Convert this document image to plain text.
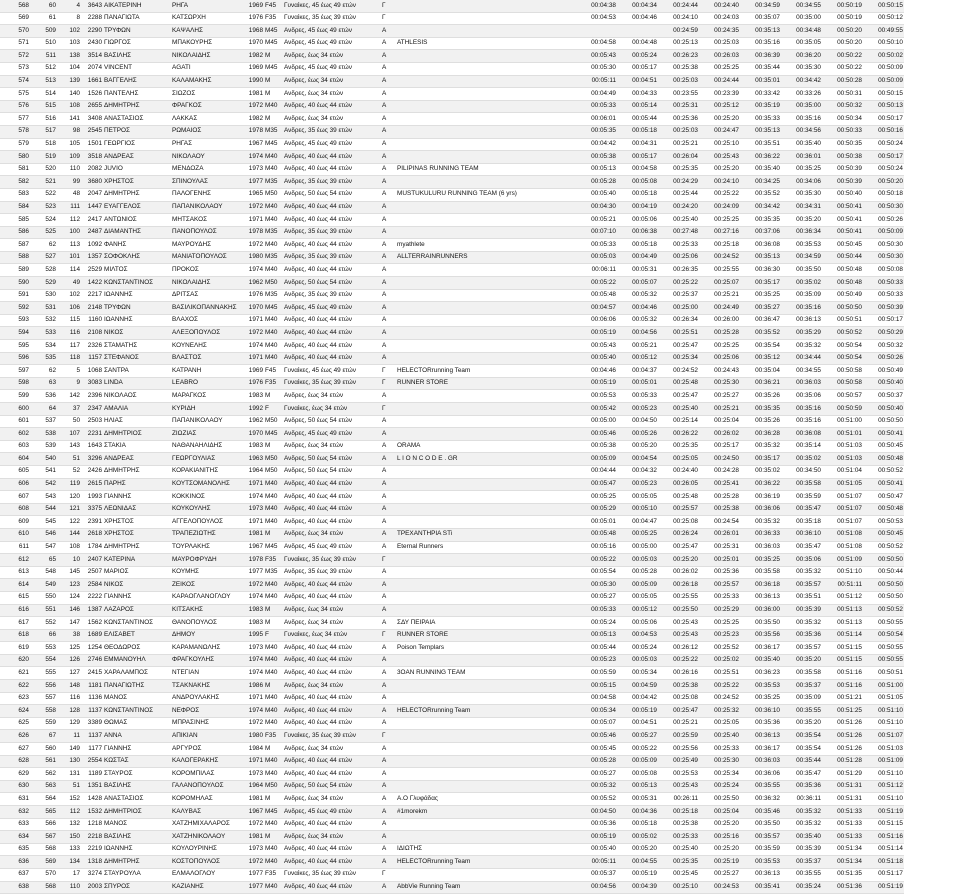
568	60	4	3643	ΑΙΚΑΤΕΡΙΝΗ	ΡΗΓΑ	1969	F45	Γυναίκες, 45 έως 49 ετών	Γ		00:04:38	00:04:34	00:24:44	00:24:40	00:34:59	00:34:55	00:50:19	00:50:15
569	61	8	2288	ΠΑΝΑΓΙΩΤΑ	ΚΑΤΣΩΡΧΗ	1976	F35	Γυναίκες, 35 έως 39 ετών	Γ		00:04:53	00:04:46	00:24:10	00:24:03	00:35:07	00:35:00	00:50:19	00:50:12
570	509	102	2290	ΤΡΥΦΩΝ	ΚΑΨΑΛΗΣ	1968	M45	Ανδρες, 45 έως 49 ετών	Α				00:24:59	00:24:35	00:35:13	00:34:48	00:50:20	00:49:55
571	510	103	2430	ΓΙΩΡΓΟΣ	ΜΠΑΚΟΥΡΗΣ	1970	M45	Ανδρες, 45 έως 49 ετών	Α	ATHLESIS	00:04:58	00:04:48	00:25:13	00:25:03	00:35:16	00:35:05	00:50:20	00:50:10
572	511	138	3514	ΒΑΣΙΛΗΣ	ΝΙΚΟΛΑΙΔΗΣ	1982	M	Ανδρες, έως 34 ετών	Α		00:05:43	00:05:24	00:26:23	00:26:03	00:36:39	00:36:20	00:50:22	00:50:02
573	512	104	2074	VINCENT	AGATI	1969	M45	Ανδρες, 45 έως 49 ετών	Α		00:05:30	00:05:17	00:25:38	00:25:25	00:35:44	00:35:30	00:50:22	00:50:09
574	513	139	1661	ΒΑΓΓΕΛΗΣ	ΚΑΛΑΜΑΚΗΣ	1990	M	Ανδρες, έως 34 ετών	Α		00:05:11	00:04:51	00:25:03	00:24:44	00:35:01	00:34:42	00:50:28	00:50:09
575	514	140	1526	ΠΑΝΤΕΛΗΣ	ΣΙΩΖΟΣ	1981	M	Ανδρες, έως 34 ετών	Α		00:04:49	00:04:33	00:23:55	00:23:39	00:33:42	00:33:26	00:50:31	00:50:15
576	515	108	2655	ΔΗΜΗΤΡΗΣ	ΦΡΑΓΚΟΣ	1972	M40	Ανδρες, 40 έως 44 ετών	Α		00:05:33	00:05:14	00:25:31	00:25:12	00:35:19	00:35:00	00:50:32	00:50:13
577	516	141	3408	ΑΝΑΣΤΑΣΙΟΣ	ΛΑΚΚΑΣ	1982	M	Ανδρες, έως 34 ετών	Α		00:06:01	00:05:44	00:25:36	00:25:20	00:35:33	00:35:16	00:50:34	00:50:17
578	517	98	2545	ΠΕΤΡΟΣ	ΡΩΜΑΙΟΣ	1978	M35	Ανδρες, 35 έως 39 ετών	Α		00:05:35	00:05:18	00:25:03	00:24:47	00:35:13	00:34:56	00:50:33	00:50:16
579	518	105	1501	ΓΕΩΡΓΙΟΣ	ΡΗΓΑΣ	1967	M45	Ανδρες, 45 έως 49 ετών	Α		00:04:42	00:04:31	00:25:21	00:25:10	00:35:51	00:35:40	00:50:35	00:50:24
580	519	109	3518	ΑΝΔΡΕΑΣ	ΝΙΚΟΛΑΟΥ	1974	M40	Ανδρες, 40 έως 44 ετών	Α		00:05:38	00:05:17	00:26:04	00:25:43	00:36:22	00:36:01	00:50:38	00:50:17
581	520	110	2082	JUVIO	ΜΕΝΔΟΖΑ	1973	M40	Ανδρες, 40 έως 44 ετών	Α	PILIPINAS RUNNING TEAM	00:05:13	00:04:58	00:25:35	00:25:20	00:35:40	00:35:25	00:50:39	00:50:24
582	521	99	3680	ΧΡΗΣΤΟΣ	ΣΠΙΝΟΥΛΑΣ	1977	M35	Ανδρες, 35 έως 39 ετών	Α		00:05:28	00:05:08	00:24:29	00:24:10	00:34:25	00:34:06	00:50:39	00:50:20
583	522	48	2047	ΔΗΜΗΤΡΗΣ	ΠΑΛΟΓΕΝΗΣ	1965	M50	Ανδρες, 50 έως 54 ετών	Α	MUSTUKULURU RUNNING TEAM (6 yrs)	00:05:40	00:05:18	00:25:44	00:25:22	00:35:52	00:35:30	00:50:40	00:50:18
584	523	111	1447	ΕΥΑΓΓΕΛΟΣ	ΠΑΠΑΝΙΚΟΛΑΟΥ	1972	M40	Ανδρες, 40 έως 44 ετών	Α		00:04:30	00:04:19	00:24:20	00:24:09	00:34:42	00:34:31	00:50:41	00:50:30
585	524	112	2417	ΑΝΤΩΝΙΟΣ	ΜΗΤΣΑΚΟΣ	1971	M40	Ανδρες, 40 έως 44 ετών	Α		00:05:21	00:05:06	00:25:40	00:25:25	00:35:35	00:35:20	00:50:41	00:50:26
586	525	100	2487	ΔΙΑΜΑΝΤΗΣ	ΠΑΝΟΠΟΥΛΟΣ	1978	M35	Ανδρες, 35 έως 39 ετών	Α		00:07:10	00:06:38	00:27:48	00:27:16	00:37:06	00:36:34	00:50:41	00:50:09
587	62	113	1092	ΦΑΝΗΣ	ΜΑΥΡΟΥΔΗΣ	1972	M40	Ανδρες, 40 έως 44 ετών	Α	myathlete	00:05:33	00:05:18	00:25:33	00:25:18	00:36:08	00:35:53	00:50:45	00:50:30
588	527	101	1357	ΣΟΦΟΚΛΗΣ	ΜΑΝΙΑΤΟΠΟΥΛΟΣ	1980	M35	Ανδρες, 35 έως 39 ετών	Α	ALLTERRAINRUNNERS	00:05:03	00:04:49	00:25:06	00:24:52	00:35:13	00:34:59	00:50:44	00:50:30
589	528	114	2529	ΜΙΛΤΟΣ	ΠΡΟΚΟΣ	1974	M40	Ανδρες, 40 έως 44 ετών	Α		00:06:11	00:05:31	00:26:35	00:25:55	00:36:30	00:35:50	00:50:48	00:50:08
590	529	49	1422	ΚΩΝΣΤΑΝΤΙΝΟΣ	ΝΙΚΟΛΑΙΔΗΣ	1962	M50	Ανδρες, 50 έως 54 ετών	Α		00:05:22	00:05:07	00:25:22	00:25:07	00:35:17	00:35:02	00:50:48	00:50:33
591	530	102	2217	ΙΩΑΝΝΗΣ	ΔΡΙΤΣΑΣ	1976	M35	Ανδρες, 35 έως 39 ετών	Α		00:05:48	00:05:32	00:25:37	00:25:21	00:35:25	00:35:09	00:50:49	00:50:33
592	531	106	2148	ΤΡΥΦΩΝ	ΒΑΣΙΛΙΚΟΠΑΝΝΑΚΗΣ	1970	M45	Ανδρες, 45 έως 49 ετών	Α		00:04:57	00:04:46	00:25:00	00:24:49	00:35:27	00:35:16	00:50:50	00:50:39
593	532	115	1160	ΙΩΑΝΝΗΣ	ΒΛΑΧΟΣ	1971	M40	Ανδρες, 40 έως 44 ετών	Α		00:06:06	00:05:32	00:26:34	00:26:00	00:36:47	00:36:13	00:50:51	00:50:17
594	533	116	2108	ΝΙΚΟΣ	ΑΛΕΞΟΠΟΥΛΟΣ	1972	M40	Ανδρες, 40 έως 44 ετών	Α		00:05:19	00:04:56	00:25:51	00:25:28	00:35:52	00:35:29	00:50:52	00:50:29
595	534	117	2326	ΣΤΑΜΑΤΗΣ	ΚΟΥΝΕΛΗΣ	1974	M40	Ανδρες, 40 έως 44 ετών	Α		00:05:43	00:05:21	00:25:47	00:25:25	00:35:54	00:35:32	00:50:54	00:50:32
596	535	118	1157	ΣΤΕΦΑΝΟΣ	ΒΛΑΣΤΟΣ	1971	M40	Ανδρες, 40 έως 44 ετών	Α		00:05:40	00:05:12	00:25:34	00:25:06	00:35:12	00:34:44	00:50:54	00:50:26
597	62	5	1068	ΣΑΝΤΡΑ	ΚΑΤΡΑΝΗ	1969	F45	Γυναίκες, 45 έως 49 ετών	Γ	HELECTORrunning Team	00:04:46	00:04:37	00:24:52	00:24:43	00:35:04	00:34:55	00:50:58	00:50:49
598	63	9	3083	LINDA	LEABRO	1976	F35	Γυναίκες, 35 έως 39 ετών	Γ	RUNNER STORE	00:05:19	00:05:01	00:25:48	00:25:30	00:36:21	00:36:03	00:50:58	00:50:40
599	536	142	2396	ΝΙΚΟΛΑΟΣ	ΜΑΡΑΓΚΟΣ	1983	M	Ανδρες, έως 34 ετών	Α		00:05:53	00:05:33	00:25:47	00:25:27	00:35:26	00:35:06	00:50:57	00:50:37
600	64	37	2347	ΑΜΑΛΙΑ	ΚΥΡΙΔΗ	1992	F	Γυναίκες, έως 34 ετών	Γ		00:05:42	00:05:23	00:25:40	00:25:21	00:35:35	00:35:16	00:50:59	00:50:40
601	537	50	2503	ΗΛΙΑΣ	ΠΑΠΑΝΙΚΟΛΑΟΥ	1962	M50	Ανδρες, 50 έως 54 ετών	Α		00:05:00	00:04:50	00:25:14	00:25:04	00:35:26	00:35:16	00:51:00	00:50:50
602	538	107	2231	ΔΗΜΗΤΡΙΟΣ	ΖΙΩΖΙΑΣ	1970	M45	Ανδρες, 45 έως 49 ετών	Α		00:05:46	00:05:26	00:26:22	00:26:02	00:36:28	00:36:08	00:51:01	00:50:41
603	539	143	1643	ΣΤΑΚΙΑ	ΝΑΘΑΝΑΗΛΙΔΗΣ	1983	M	Ανδρες, έως 34 ετών	Α	ORAMA	00:05:38	00:05:20	00:25:35	00:25:17	00:35:32	00:35:14	00:51:03	00:50:45
604	540	51	3296	ΑΝΔΡΕΑΣ	ΓΕΩΡΓΟΥΛΙΑΣ	1963	M50	Ανδρες, 50 έως 54 ετών	Α	L I O N C O D E . GR	00:05:09	00:04:54	00:25:05	00:24:50	00:35:17	00:35:02	00:51:03	00:50:48
605	541	52	2426	ΔΗΜΗΤΡΗΣ	ΚΟΡΑΚΙΑΝΙΤΗΣ	1964	M50	Ανδρες, 50 έως 54 ετών	Α		00:04:44	00:04:32	00:24:40	00:24:28	00:35:02	00:34:50	00:51:04	00:50:52
606	542	119	2615	ΠΑΡΗΣ	ΚΟΥΤΣΟΜΑΝΟΛΗΣ	1971	M40	Ανδρες, 40 έως 44 ετών	Α		00:05:47	00:05:23	00:26:05	00:25:41	00:36:22	00:35:58	00:51:05	00:50:41
607	543	120	1993	ΓΙΑΝΝΗΣ	ΚΟΚΚΙΝΟΣ	1974	M40	Ανδρες, 40 έως 44 ετών	Α		00:05:25	00:05:05	00:25:48	00:25:28	00:36:19	00:35:59	00:51:07	00:50:47
608	544	121	3375	ΛΕΩΝΙΔΑΣ	ΚΟΥΚΟΥΛΗΣ	1973	M40	Ανδρες, 40 έως 44 ετών	Α		00:05:29	00:05:10	00:25:57	00:25:38	00:36:06	00:35:47	00:51:07	00:50:48
609	545	122	2391	ΧΡΗΣΤΟΣ	ΑΓΓΕΛΟΠΟΥΛΟΣ	1971	M40	Ανδρες, 40 έως 44 ετών	Α		00:05:01	00:04:47	00:25:08	00:24:54	00:35:32	00:35:18	00:51:07	00:50:53
610	546	144	2618	ΧΡΗΣΤΟΣ	ΤΡΑΠΕΖΙΩΤΗΣ	1981	M	Ανδρες, έως 34 ετών	Α	ΤΡΕΧΑΝΤΗΡΙΑ STi	00:05:48	00:05:25	00:26:24	00:26:01	00:36:33	00:36:10	00:51:08	00:50:45
611	547	108	1784	ΔΗΜΗΤΡΗΣ	ΤΟΥΡΛΑΚΗΣ	1967	M45	Ανδρες, 45 έως 49 ετών	Α	Eternal Runners	00:05:16	00:05:00	00:25:47	00:25:31	00:36:03	00:35:47	00:51:08	00:50:52
612	65	10	2407	ΚΑΤΕΡΙΝΑ	ΜΑΥΡΟΦΡΥΔΗ	1978	F35	Γυναίκες, 35 έως 39 ετών	Γ		00:05:22	00:05:03	00:25:20	00:25:01	00:35:25	00:35:06	00:51:09	00:50:50
613	548	145	2507	ΜΑΡΙΟΣ	ΚΟΥΜΗΣ	1977	M35	Ανδρες, 35 έως 39 ετών	Α		00:05:54	00:05:28	00:26:02	00:25:36	00:35:58	00:35:32	00:51:10	00:50:44
614	549	123	2584	ΝΙΚΟΣ	ΖΕΙΚΟΣ	1972	M40	Ανδρες, 40 έως 44 ετών	Α		00:05:30	00:05:09	00:26:18	00:25:57	00:36:18	00:35:57	00:51:11	00:50:50
615	550	124	2222	ΓΙΑΝΝΗΣ	ΚΑΡΑΟΓΛΑΝΟΓΛΟΥ	1974	M40	Ανδρες, 40 έως 44 ετών	Α		00:05:27	00:05:05	00:25:55	00:25:33	00:36:13	00:35:51	00:51:12	00:50:50
616	551	146	1387	ΛΑΖΑΡΟΣ	ΚΙΤΣΑΚΗΣ	1983	M	Ανδρες, έως 34 ετών	Α		00:05:33	00:05:12	00:25:50	00:25:29	00:36:00	00:35:39	00:51:13	00:50:52
617	552	147	1562	ΚΩΝΣΤΑΝΤΙΝΟΣ	ΘΑΝΟΠΟΥΛΟΣ	1983	M	Ανδρες, έως 34 ετών	Α	ΣΔΥ ΠΕΙΡΑΙΑ	00:05:24	00:05:06	00:25:43	00:25:25	00:35:50	00:35:32	00:51:13	00:50:55
618	66	38	1689	ΕΛΙΣΑΒΕΤ	ΔΗΜΟΥ	1995	F	Γυναίκες, έως 34 ετών	Γ	RUNNER STORE	00:05:13	00:04:53	00:25:43	00:25:23	00:35:56	00:35:36	00:51:14	00:50:54
619	553	125	1254	ΘΕΟΔΩΡΟΣ	ΚΑΡΑΜΑΝΩΛΗΣ	1973	M40	Ανδρες, 40 έως 44 ετών	Α	Poison Templars	00:05:44	00:05:24	00:26:12	00:25:52	00:36:17	00:35:57	00:51:15	00:50:55
620	554	126	2746	ΕΜΜΑΝΟΥΗΛ	ΦΡΑΓΚΟΥΛΗΣ	1974	M40	Ανδρες, 40 έως 44 ετών	Α		00:05:23	00:05:03	00:25:22	00:25:02	00:35:40	00:35:20	00:51:15	00:50:55
621	555	127	2415	ΧΑΡΑΛΑΜΠΟΣ	ΝΤΕΓΙΑΝ	1974	M40	Ανδρες, 40 έως 44 ετών	Α	3OAN RUNNING TEAM	00:05:59	00:05:34	00:26:16	00:25:51	00:36:23	00:35:58	00:51:16	00:50:51
622	556	148	1181	ΠΑΝΑΓΙΩΤΗΣ	ΤΣΑΚΝΑΚΗΣ	1986	M	Ανδρες, έως 34 ετών	Α		00:05:15	00:04:59	00:25:38	00:25:22	00:35:53	00:35:37	00:51:16	00:51:00
623	557	116	1136	ΜΑΝΟΣ	ΑΝΔΡΟΥΛΑΚΗΣ	1971	M40	Ανδρες, 40 έως 44 ετών	Α		00:04:58	00:04:42	00:25:08	00:24:52	00:35:25	00:35:09	00:51:21	00:51:05
624	558	128	1137	ΚΩΝΣΤΑΝΤΙΝΟΣ	ΝΕΦΡΟΣ	1974	M40	Ανδρες, 40 έως 44 ετών	Α	HELECTORrunning Team	00:05:34	00:05:19	00:25:47	00:25:32	00:36:10	00:35:55	00:51:25	00:51:10
625	559	129	3389	ΘΩΜΑΣ	ΜΠΡΑΣΙΝΗΣ	1972	M40	Ανδρες, 40 έως 44 ετών	Α		00:05:07	00:04:51	00:25:21	00:25:05	00:35:36	00:35:20	00:51:26	00:51:10
626	67	11	1137	ΑΝΝΑ	ΑΠΙΚΙΑΝ	1980	F35	Γυναίκες, 35 έως 39 ετών	Γ		00:05:46	00:05:27	00:25:59	00:25:40	00:36:13	00:35:54	00:51:26	00:51:07
627	560	149	1177	ΓΙΑΝΝΗΣ	ΑΡΓΥΡΟΣ	1984	M	Ανδρες, έως 34 ετών	Α		00:05:45	00:05:22	00:25:56	00:25:33	00:36:17	00:35:54	00:51:26	00:51:03
628	561	130	2554	ΚΩΣΤΑΣ	ΚΑΛΟΓΕΡΑΚΗΣ	1971	M40	Ανδρες, 40 έως 44 ετών	Α		00:05:28	00:05:09	00:25:49	00:25:30	00:36:03	00:35:44	00:51:28	00:51:09
629	562	131	1189	ΣΤΑΥΡΟΣ	ΚΟΡΟΜΠΙΛΑΣ	1973	M40	Ανδρες, 40 έως 44 ετών	Α		00:05:27	00:05:08	00:25:53	00:25:34	00:36:06	00:35:47	00:51:29	00:51:10
630	563	51	1351	ΒΑΣΙΛΗΣ	ΓΑΛΑΝΟΠΟΥΛΟΣ	1964	M50	Ανδρες, 50 έως 54 ετών	Α		00:05:32	00:05:13	00:25:43	00:25:24	00:35:55	00:35:36	00:51:31	00:51:12
631	564	152	1428	ΑΝΑΣΤΑΣΙΟΣ	ΚΟΡΟΜΗΛΑΣ	1981	M	Ανδρες, έως 34 ετών	Α	Α.Ο Γλυφάδας	00:05:52	00:05:31	00:26:11	00:25:50	00:36:32	00:36:11	00:51:31	00:51:10
632	565	112	1532	ΔΗΜΗΤΡΙΟΣ	ΚΑΛΥΒΑΣ	1967	M45	Ανδρες, 45 έως 49 ετών	Α	#1morekm	00:04:50	00:04:36	00:25:18	00:25:04	00:35:46	00:35:32	00:51:33	00:51:19
633	566	132	1218	ΜΑΝΟΣ	ΧΑΤΖΗΜΙΧΑΛΑΡΟΣ	1972	M40	Ανδρες, 40 έως 44 ετών	Α		00:05:36	00:05:18	00:25:38	00:25:20	00:35:50	00:35:32	00:51:33	00:51:15
634	567	150	2218	ΒΑΣΙΛΗΣ	ΧΑΤΖΗΝΙΚΟΛΑΟΥ	1981	M	Ανδρες, έως 34 ετών	Α		00:05:19	00:05:02	00:25:33	00:25:16	00:35:57	00:35:40	00:51:33	00:51:16
635	568	133	2219	ΙΩΑΝΝΗΣ	ΚΟΥΛΟΥΡΙΝΗΣ	1973	M40	Ανδρες, 40 έως 44 ετών	Α	ΙΔΙΩΤΗΣ	00:05:40	00:05:20	00:25:40	00:25:20	00:35:59	00:35:39	00:51:34	00:51:14
636	569	134	1318	ΔΗΜΗΤΡΗΣ	ΚΟΣΤΟΠΟΥΛΟΣ	1972	M40	Ανδρες, 40 έως 44 ετών	Α	HELECTORrunning Team	00:05:11	00:04:55	00:25:35	00:25:19	00:35:53	00:35:37	00:51:34	00:51:18
637	570	17	3274	ΣΤΑΥΡΟΥΛΑ	ΕΛΜΑΛΟΓΛΟΥ	1977	F35	Γυναίκες, 35 έως 39 ετών	Γ		00:05:37	00:05:19	00:25:45	00:25:27	00:36:13	00:35:55	00:51:35	00:51:17
638	568	110	2003	ΣΠΥΡΟΣ	ΚΑΖΙΑΝΗΣ	1977	M40	Ανδρες, 40 έως 44 ετών	Α	AbbVie Running Team	00:04:56	00:04:39	00:25:10	00:24:53	00:35:41	00:35:24	00:51:36	00:51:19
